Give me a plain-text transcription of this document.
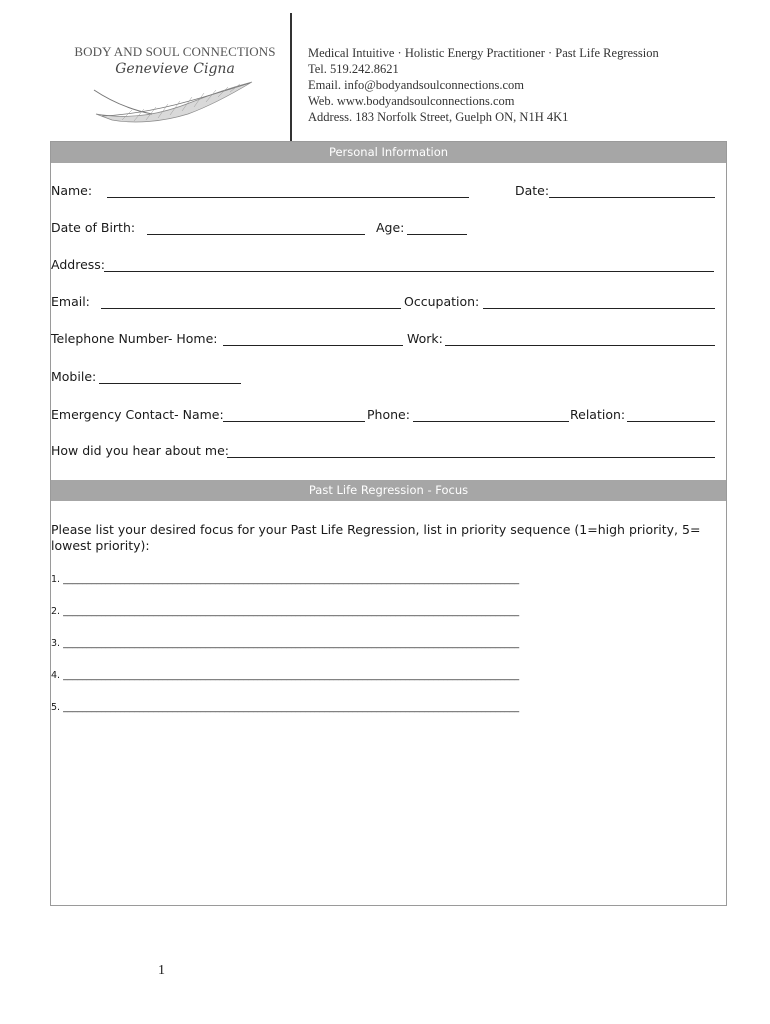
BODY AND SOUL CONNECTIONS
Genevieve Cigna
Medical Intuitive · Holistic Energy Practitioner · Past Life Regression
Tel. 519.242.8621
Email. info@bodyandsoulconnections.com
Web. www.bodyandsoulconnections.com
Address. 183 Norfolk Street, Guelph ON, N1H 4K1
Personal Information
Name:	Date:
Date of Birth:	Age:
Address:
Email:	Occupation:
Telephone Number- Home:	Work:
Mobile:
Emergency Contact- Name:	Phone:	Relation:
How did you hear about me:
Past Life Regression - Focus
Please list your desired focus for your Past Life Regression, list in priority sequence (1=high priority, 5= lowest priority):
1. ________________________________________________________________________________________________
2. ________________________________________________________________________________________________
3. ________________________________________________________________________________________________
4. ________________________________________________________________________________________________
5. ________________________________________________________________________________________________
1
